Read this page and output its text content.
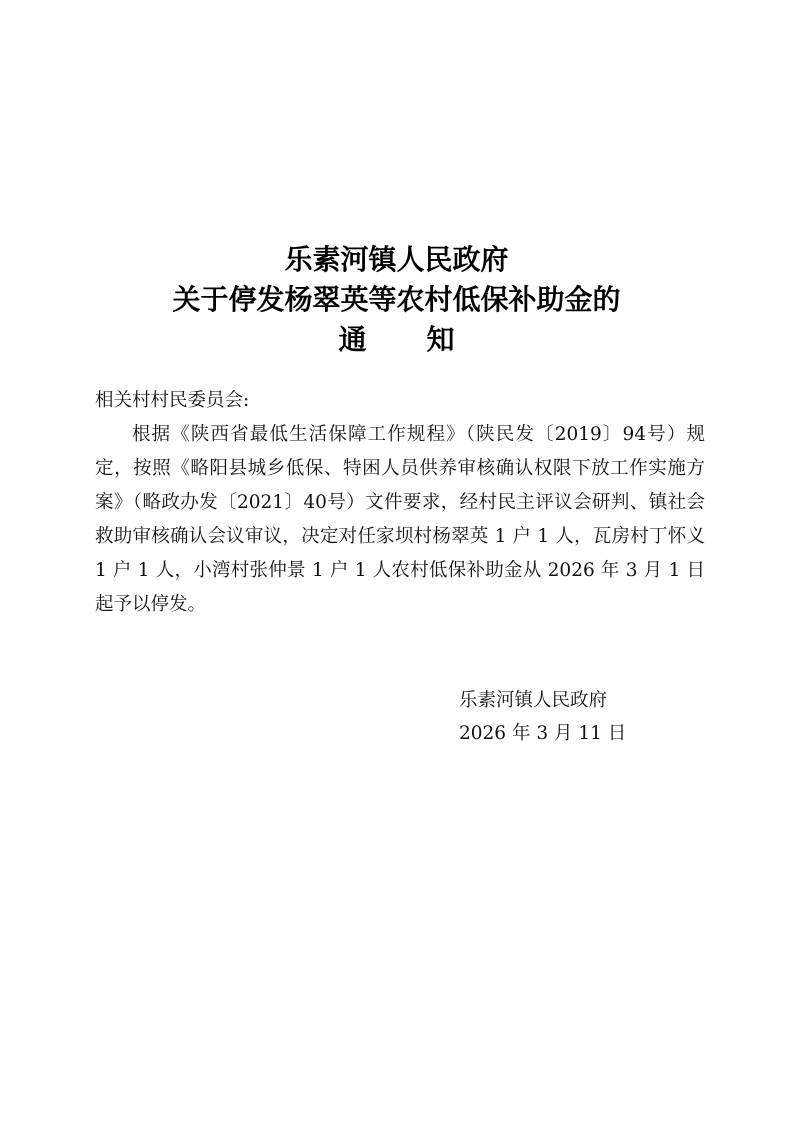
乐素河镇人民政府
关于停发杨翠英等农村低保补助金的
通知
相关村村民委员会:
根据《陕西省最低生活保障工作规程》（陕民发〔2019〕94号）规定，按照《略阳县城乡低保、特困人员供养审核确认权限下放工作实施方案》（略政办发〔2021〕40号）文件要求，经村民主评议会研判、镇社会救助审核确认会议审议，决定对任家坝村杨翠英 1 户 1 人，瓦房村丁怀义 1 户 1 人，小湾村张仲景 1 户 1 人农村低保补助金从 2026 年 3 月 1 日起予以停发。
乐素河镇人民政府
2026 年 3 月 11 日
